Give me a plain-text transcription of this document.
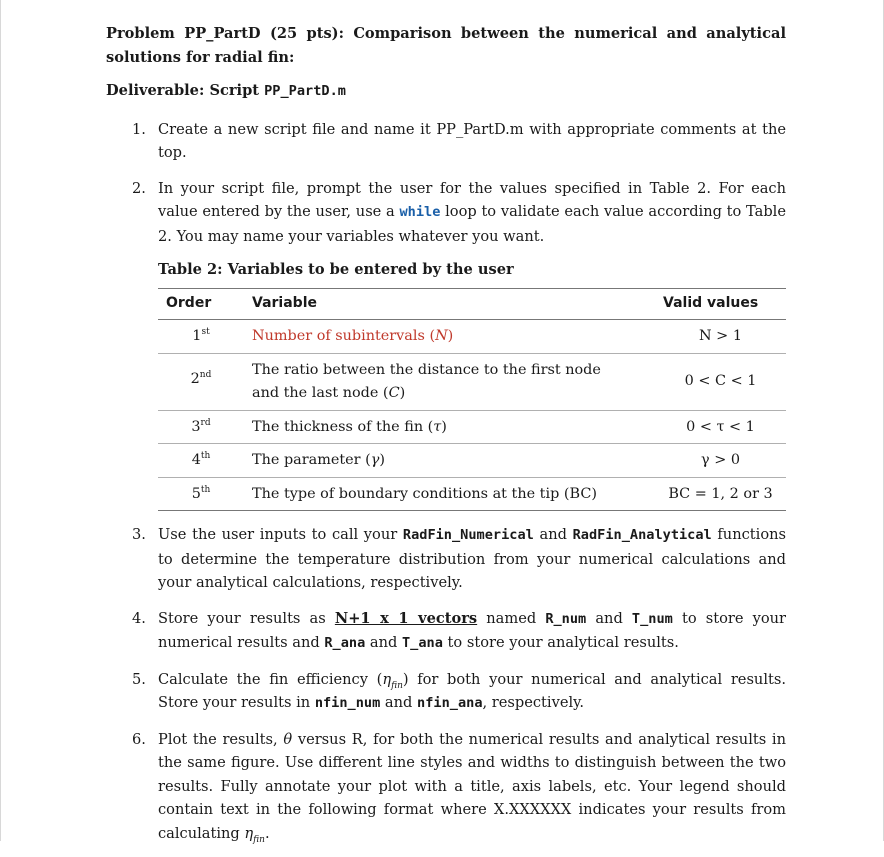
Problem PP_PartD (25 pts): Comparison between the numerical and analytical
solutions for radial fin:
Deliverable: Script PP_PartD.m
1. Create a new script file and name it PP_PartD.m with appropriate comments at the top.
2. In your script file, prompt the user for the values specified in Table 2. For each value entered by the user, use a while loop to validate each value according to Table 2. You may name your variables whatever you want.
Table 2: Variables to be entered by the user
Order	Variable	Valid values
1st	Number of subintervals (N)	N > 1
2nd	The ratio between the distance to the first node
and the last node (C)	0 < C < 1
3rd	The thickness of the fin (τ)	0 < τ < 1
4th	The parameter (γ)	γ > 0
5th	The type of boundary conditions at the tip (BC)	BC = 1, 2 or 3
3. Use the user inputs to call your RadFin_Numerical and RadFin_Analytical functions to determine the temperature distribution from your numerical calculations and your analytical calculations, respectively.
4. Store your results as N+1 x 1 vectors named R_num and T_num to store your numerical results and R_ana and T_ana to store your analytical results.
5. Calculate the fin efficiency $(\eta_{fin})$ for both your numerical and analytical results. Store your results in nfin_num and nfin_ana, respectively.
6. Plot the results, θ versus R, for both the numerical results and analytical results in the same figure. Use different line styles and widths to distinguish between the two results. Fully annotate your plot with a title, axis labels, etc. Your legend should contain text in the following format where X.XXXXXX indicates your results from calculating $\eta_{fin}$.
